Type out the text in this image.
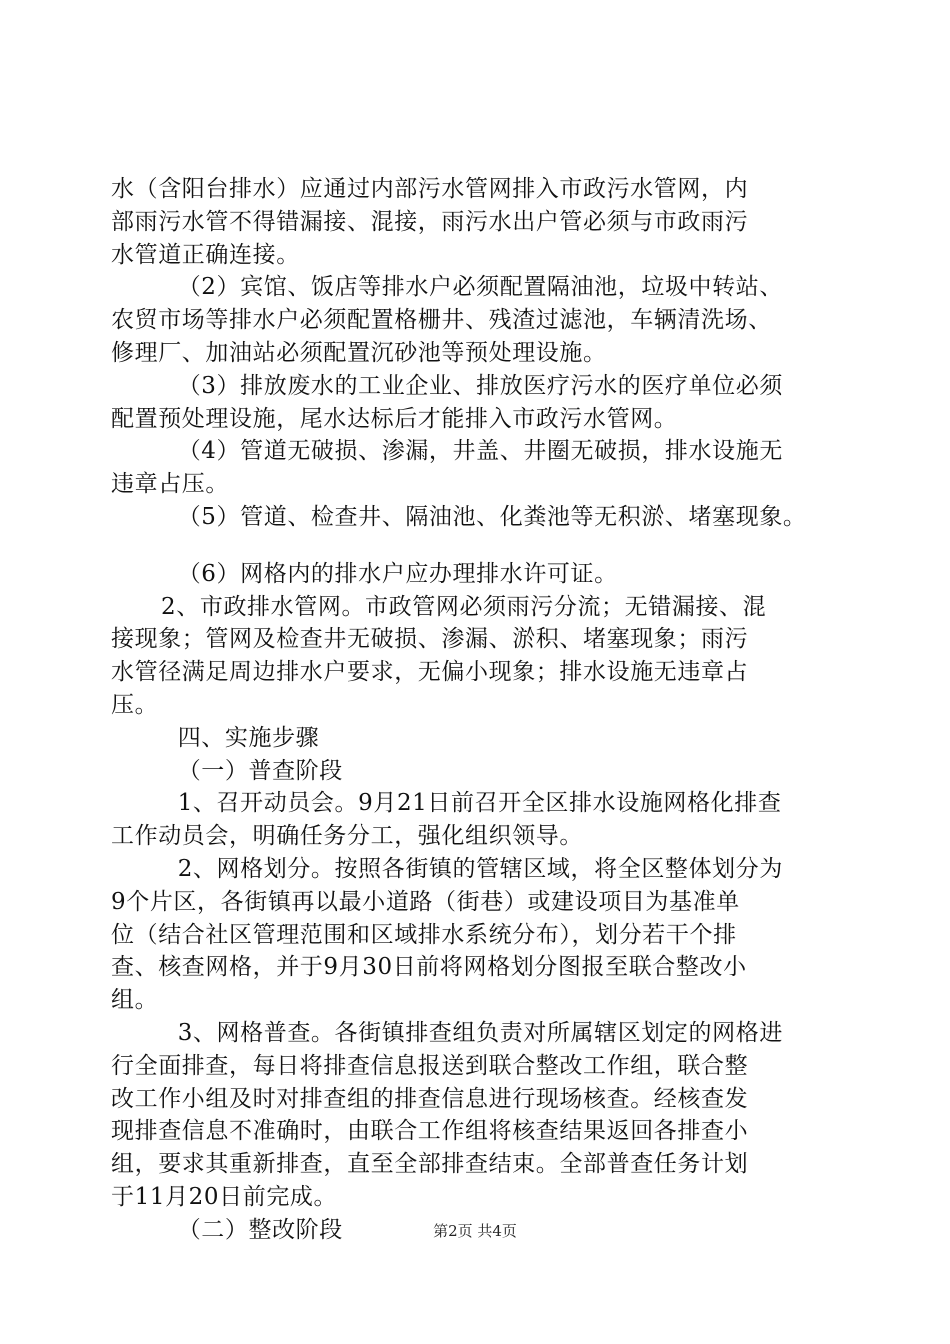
水（含阳台排水）应通过内部污水管网排入市政污水管网，内
部雨污水管不得错漏接、混接，雨污水出户管必须与市政雨污
水管道正确连接。
（2）宾馆、饭店等排水户必须配置隔油池，垃圾中转站、
农贸市场等排水户必须配置格栅井、残渣过滤池，车辆清洗场、
修理厂、加油站必须配置沉砂池等预处理设施。
（3）排放废水的工业企业、排放医疗污水的医疗单位必须
配置预处理设施，尾水达标后才能排入市政污水管网。
（4）管道无破损、渗漏，井盖、井圈无破损，排水设施无
违章占压。
（5）管道、检查井、隔油池、化粪池等无积淤、堵塞现象。
（6）网格内的排水户应办理排水许可证。
2、市政排水管网。市政管网必须雨污分流；无错漏接、混
接现象；管网及检查井无破损、渗漏、淤积、堵塞现象；雨污
水管径满足周边排水户要求，无偏小现象；排水设施无违章占
压。
四、实施步骤
（一）普查阶段
1、召开动员会。9月21日前召开全区排水设施网格化排查
工作动员会，明确任务分工，强化组织领导。
2、网格划分。按照各街镇的管辖区域，将全区整体划分为
9个片区，各街镇再以最小道路（街巷）或建设项目为基准单
位（结合社区管理范围和区域排水系统分布），划分若干个排
查、核查网格，并于9月30日前将网格划分图报至联合整改小
组。
3、网格普查。各街镇排查组负责对所属辖区划定的网格进
行全面排查，每日将排查信息报送到联合整改工作组，联合整
改工作小组及时对排查组的排查信息进行现场核查。经核查发
现排查信息不准确时，由联合工作组将核查结果返回各排查小
组，要求其重新排查，直至全部排查结束。全部普查任务计划
于11月20日前完成。
（二）整改阶段	第2页 共4页
